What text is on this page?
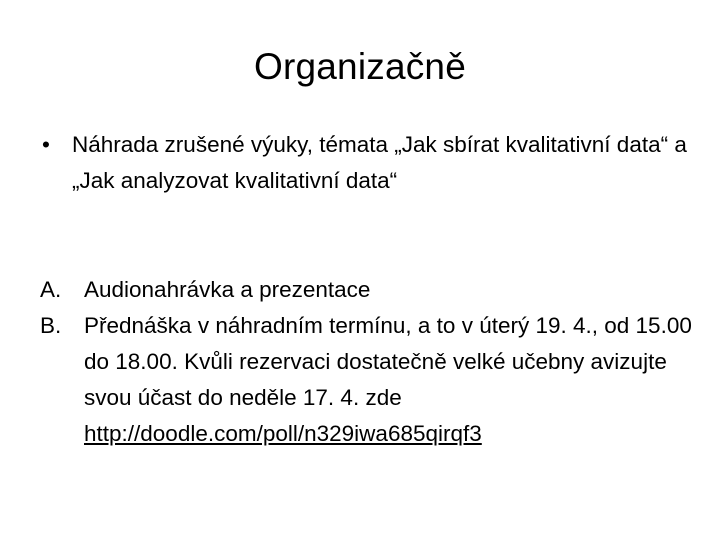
Organizačně
• Náhrada zrušené výuky, témata „Jak sbírat kvalitativní data“ a „Jak analyzovat kvalitativní data“
A.	Audionahrávka a prezentace
B.	Přednáška v náhradním termínu, a to v úterý 19. 4., od 15.00 do 18.00. Kvůli rezervaci dostatečně velké učebny avizujte svou účast do neděle 17. 4. zde http://doodle.com/poll/n329iwa685qirqf3
